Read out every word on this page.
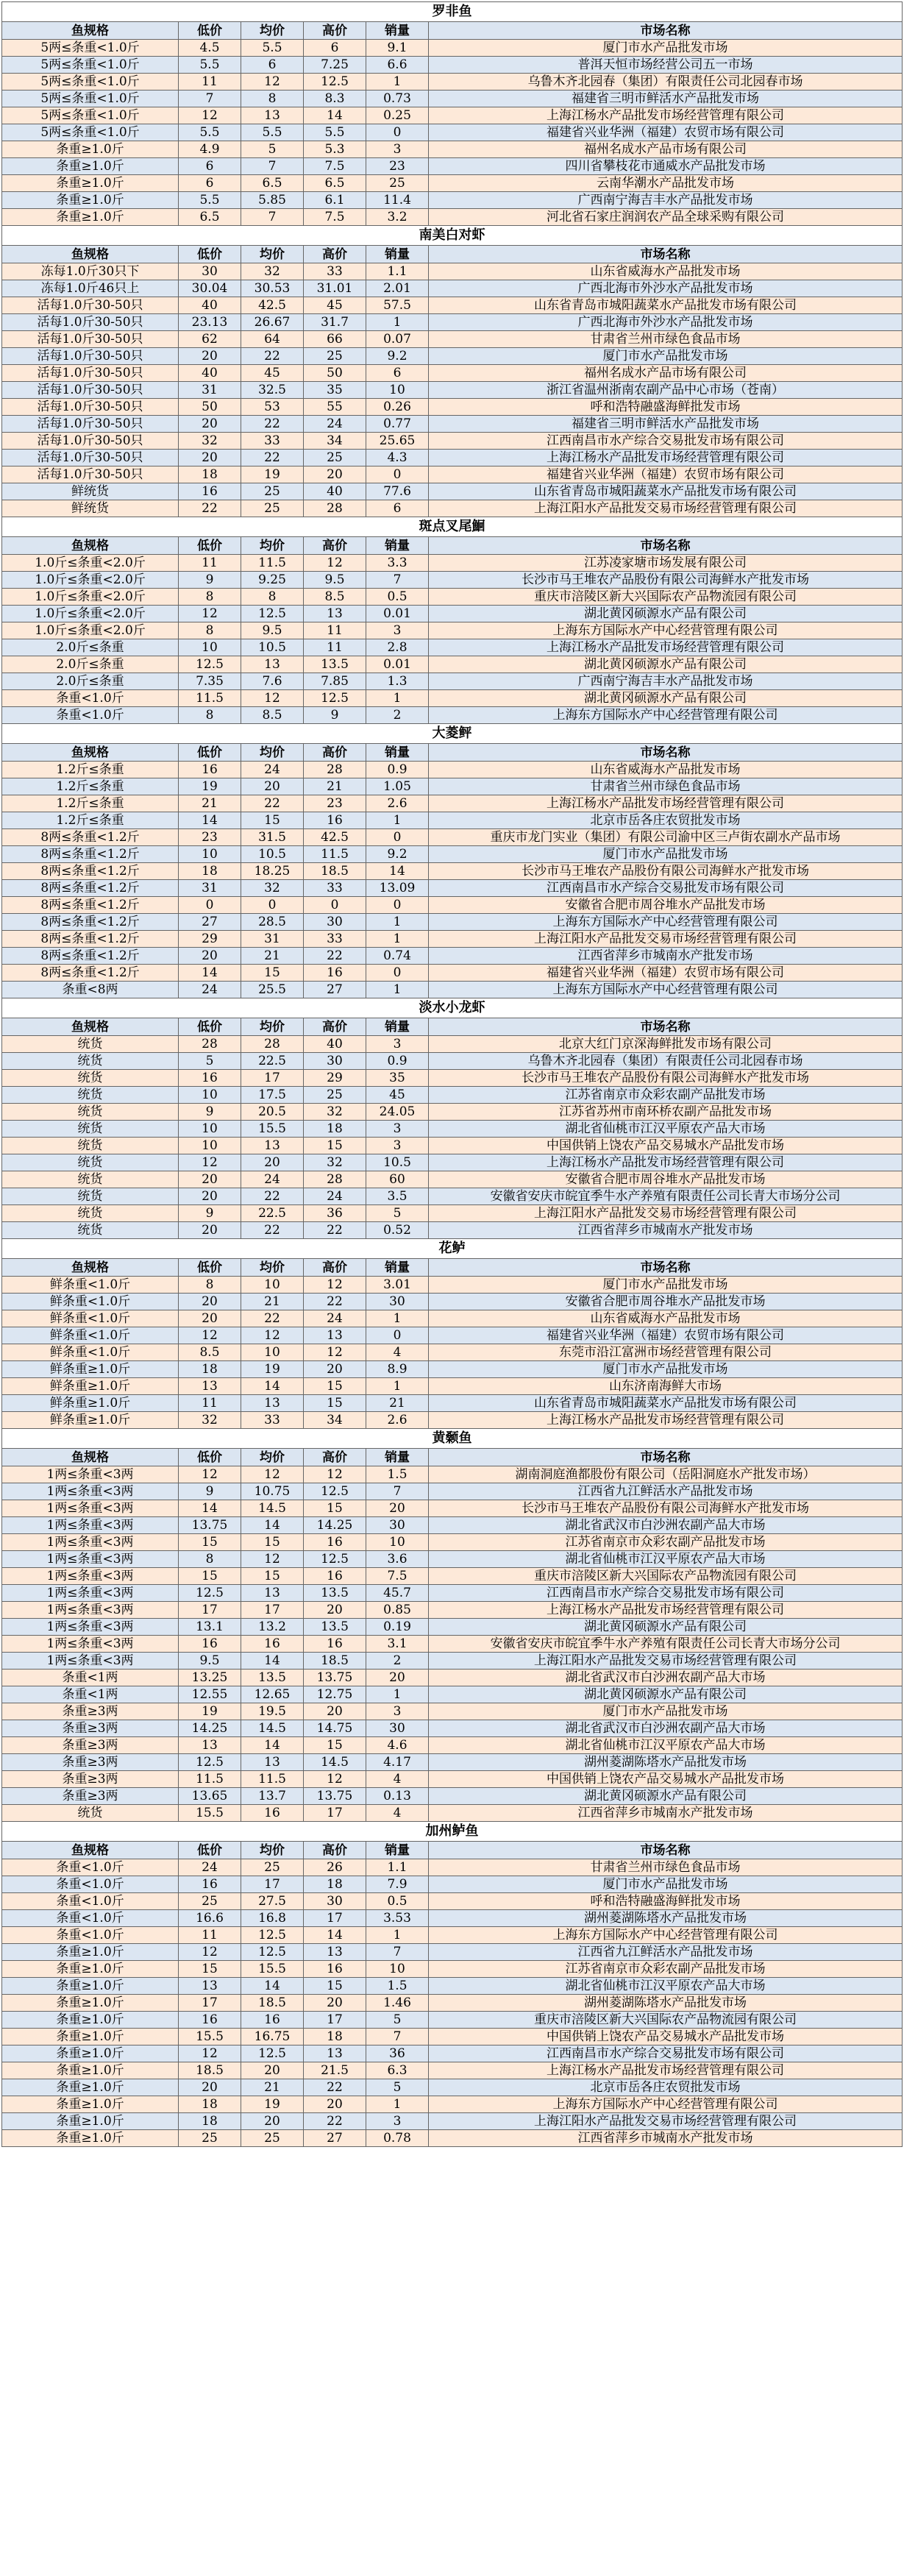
罗非鱼					
鱼规格	低价	均价	高价	销量	市场名称
5两≤条重<1.0斤	4.5	5.5	6	9.1	厦门市水产品批发市场
5两≤条重<1.0斤	5.5	6	7.25	6.6	普洱天恒市场经营公司五一市场
5两≤条重<1.0斤	11	12	12.5	1	乌鲁木齐北园春（集团）有限责任公司北园春市场
5两≤条重<1.0斤	7	8	8.3	0.73	福建省三明市鲜活水产品批发市场
5两≤条重<1.0斤	12	13	14	0.25	上海江杨水产品批发市场经营管理有限公司
5两≤条重<1.0斤	5.5	5.5	5.5	0	福建省兴业华洲（福建）农贸市场有限公司
条重≥1.0斤	4.9	5	5.3	3	福州名成水产品市场有限公司
条重≥1.0斤	6	7	7.5	23	四川省攀枝花市通威水产品批发市场
条重≥1.0斤	6	6.5	6.5	25	云南华潮水产品批发市场
条重≥1.0斤	5.5	5.85	6.1	11.4	广西南宁海吉丰水产品批发市场
条重≥1.0斤	6.5	7	7.5	3.2	河北省石家庄润润农产品全球采购有限公司
南美白对虾					
鱼规格	低价	均价	高价	销量	市场名称
冻每1.0斤30只下	30	32	33	1.1	山东省威海水产品批发市场
冻每1.0斤46只上	30.04	30.53	31.01	2.01	广西北海市外沙水产品批发市场
活每1.0斤30-50只	40	42.5	45	57.5	山东省青岛市城阳蔬菜水产品批发市场有限公司
活每1.0斤30-50只	23.13	26.67	31.7	1	广西北海市外沙水产品批发市场
活每1.0斤30-50只	62	64	66	0.07	甘肃省兰州市绿色食品市场
活每1.0斤30-50只	20	22	25	9.2	厦门市水产品批发市场
活每1.0斤30-50只	40	45	50	6	福州名成水产品市场有限公司
活每1.0斤30-50只	31	32.5	35	10	浙江省温州浙南农副产品中心市场（苍南）
活每1.0斤30-50只	50	53	55	0.26	呼和浩特融盛海鲜批发市场
活每1.0斤30-50只	20	22	24	0.77	福建省三明市鲜活水产品批发市场
活每1.0斤30-50只	32	33	34	25.65	江西南昌市水产综合交易批发市场有限公司
活每1.0斤30-50只	20	22	25	4.3	上海江杨水产品批发市场经营管理有限公司
活每1.0斤30-50只	18	19	20	0	福建省兴业华洲（福建）农贸市场有限公司
鲜统货	16	25	40	77.6	山东省青岛市城阳蔬菜水产品批发市场有限公司
鲜统货	22	25	28	6	上海江阳水产品批发交易市场经营管理有限公司
斑点叉尾鮰					
鱼规格	低价	均价	高价	销量	市场名称
1.0斤≤条重<2.0斤	11	11.5	12	3.3	江苏凌家塘市场发展有限公司
1.0斤≤条重<2.0斤	9	9.25	9.5	7	长沙市马王堆农产品股份有限公司海鲜水产批发市场
1.0斤≤条重<2.0斤	8	8	8.5	0.5	重庆市涪陵区新大兴国际农产品物流园有限公司
1.0斤≤条重<2.0斤	12	12.5	13	0.01	湖北黄冈硕源水产品有限公司
1.0斤≤条重<2.0斤	8	9.5	11	3	上海东方国际水产中心经营管理有限公司
2.0斤≤条重	10	10.5	11	2.8	上海江杨水产品批发市场经营管理有限公司
2.0斤≤条重	12.5	13	13.5	0.01	湖北黄冈硕源水产品有限公司
2.0斤≤条重	7.35	7.6	7.85	1.3	广西南宁海吉丰水产品批发市场
条重<1.0斤	11.5	12	12.5	1	湖北黄冈硕源水产品有限公司
条重<1.0斤	8	8.5	9	2	上海东方国际水产中心经营管理有限公司
大菱鲆					
鱼规格	低价	均价	高价	销量	市场名称
1.2斤≤条重	16	24	28	0.9	山东省威海水产品批发市场
1.2斤≤条重	19	20	21	1.05	甘肃省兰州市绿色食品市场
1.2斤≤条重	21	22	23	2.6	上海江杨水产品批发市场经营管理有限公司
1.2斤≤条重	14	15	16	1	北京市岳各庄农贸批发市场
8两≤条重<1.2斤	23	31.5	42.5	0	重庆市龙门实业（集团）有限公司渝中区三卢街农副水产品市场
8两≤条重<1.2斤	10	10.5	11.5	9.2	厦门市水产品批发市场
8两≤条重<1.2斤	18	18.25	18.5	14	长沙市马王堆农产品股份有限公司海鲜水产批发市场
8两≤条重<1.2斤	31	32	33	13.09	江西南昌市水产综合交易批发市场有限公司
8两≤条重<1.2斤	0	0	0	0	安徽省合肥市周谷堆水产品批发市场
8两≤条重<1.2斤	27	28.5	30	1	上海东方国际水产中心经营管理有限公司
8两≤条重<1.2斤	29	31	33	1	上海江阳水产品批发交易市场经营管理有限公司
8两≤条重<1.2斤	20	21	22	0.74	江西省萍乡市城南水产批发市场
8两≤条重<1.2斤	14	15	16	0	福建省兴业华洲（福建）农贸市场有限公司
条重<8两	24	25.5	27	1	上海东方国际水产中心经营管理有限公司
淡水小龙虾					
鱼规格	低价	均价	高价	销量	市场名称
统货	28	28	40	3	北京大红门京深海鲜批发市场有限公司
统货	5	22.5	30	0.9	乌鲁木齐北园春（集团）有限责任公司北园春市场
统货	16	17	29	35	长沙市马王堆农产品股份有限公司海鲜水产批发市场
统货	10	17.5	25	45	江苏省南京市众彩农副产品批发市场
统货	9	20.5	32	24.05	江苏省苏州市南环桥农副产品批发市场
统货	10	15.5	18	3	湖北省仙桃市江汉平原农产品大市场
统货	10	13	15	3	中国供销上饶农产品交易城水产品批发市场
统货	12	20	32	10.5	上海江杨水产品批发市场经营管理有限公司
统货	20	24	28	60	安徽省合肥市周谷堆水产品批发市场
统货	20	22	24	3.5	安徽省安庆市皖宜季牛水产养殖有限责任公司长青大市场分公司
统货	9	22.5	36	5	上海江阳水产品批发交易市场经营管理有限公司
统货	20	22	22	0.52	江西省萍乡市城南水产批发市场
花鲈					
鱼规格	低价	均价	高价	销量	市场名称
鲜条重<1.0斤	8	10	12	3.01	厦门市水产品批发市场
鲜条重<1.0斤	20	21	22	30	安徽省合肥市周谷堆水产品批发市场
鲜条重<1.0斤	20	22	24	1	山东省威海水产品批发市场
鲜条重<1.0斤	12	12	13	0	福建省兴业华洲（福建）农贸市场有限公司
鲜条重<1.0斤	8.5	10	12	4	东莞市沿江富洲市场经营管理有限公司
鲜条重≥1.0斤	18	19	20	8.9	厦门市水产品批发市场
鲜条重≥1.0斤	13	14	15	1	山东济南海鲜大市场
鲜条重≥1.0斤	11	13	15	21	山东省青岛市城阳蔬菜水产品批发市场有限公司
鲜条重≥1.0斤	32	33	34	2.6	上海江杨水产品批发市场经营管理有限公司
黄颡鱼					
鱼规格	低价	均价	高价	销量	市场名称
1两≤条重<3两	12	12	12	1.5	湖南洞庭渔都股份有限公司（岳阳洞庭水产批发市场）
1两≤条重<3两	9	10.75	12.5	7	江西省九江鲜活水产品批发市场
1两≤条重<3两	14	14.5	15	20	长沙市马王堆农产品股份有限公司海鲜水产批发市场
1两≤条重<3两	13.75	14	14.25	30	湖北省武汉市白沙洲农副产品大市场
1两≤条重<3两	15	15	16	10	江苏省南京市众彩农副产品批发市场
1两≤条重<3两	8	12	12.5	3.6	湖北省仙桃市江汉平原农产品大市场
1两≤条重<3两	15	15	16	7.5	重庆市涪陵区新大兴国际农产品物流园有限公司
1两≤条重<3两	12.5	13	13.5	45.7	江西南昌市水产综合交易批发市场有限公司
1两≤条重<3两	17	17	20	0.85	上海江杨水产品批发市场经营管理有限公司
1两≤条重<3两	13.1	13.2	13.5	0.19	湖北黄冈硕源水产品有限公司
1两≤条重<3两	16	16	16	3.1	安徽省安庆市皖宜季牛水产养殖有限责任公司长青大市场分公司
1两≤条重<3两	9.5	14	18.5	2	上海江阳水产品批发交易市场经营管理有限公司
条重<1两	13.25	13.5	13.75	20	湖北省武汉市白沙洲农副产品大市场
条重<1两	12.55	12.65	12.75	1	湖北黄冈硕源水产品有限公司
条重≥3两	19	19.5	20	3	厦门市水产品批发市场
条重≥3两	14.25	14.5	14.75	30	湖北省武汉市白沙洲农副产品大市场
条重≥3两	13	14	15	4.6	湖北省仙桃市江汉平原农产品大市场
条重≥3两	12.5	13	14.5	4.17	湖州菱湖陈塔水产品批发市场
条重≥3两	11.5	11.5	12	4	中国供销上饶农产品交易城水产品批发市场
条重≥3两	13.65	13.7	13.75	0.13	湖北黄冈硕源水产品有限公司
统货	15.5	16	17	4	江西省萍乡市城南水产批发市场
加州鲈鱼					
鱼规格	低价	均价	高价	销量	市场名称
条重<1.0斤	24	25	26	1.1	甘肃省兰州市绿色食品市场
条重<1.0斤	16	17	18	7.9	厦门市水产品批发市场
条重<1.0斤	25	27.5	30	0.5	呼和浩特融盛海鲜批发市场
条重<1.0斤	16.6	16.8	17	3.53	湖州菱湖陈塔水产品批发市场
条重<1.0斤	11	12.5	14	1	上海东方国际水产中心经营管理有限公司
条重≥1.0斤	12	12.5	13	7	江西省九江鲜活水产品批发市场
条重≥1.0斤	15	15.5	16	10	江苏省南京市众彩农副产品批发市场
条重≥1.0斤	13	14	15	1.5	湖北省仙桃市江汉平原农产品大市场
条重≥1.0斤	17	18.5	20	1.46	湖州菱湖陈塔水产品批发市场
条重≥1.0斤	16	16	17	5	重庆市涪陵区新大兴国际农产品物流园有限公司
条重≥1.0斤	15.5	16.75	18	7	中国供销上饶农产品交易城水产品批发市场
条重≥1.0斤	12	12.5	13	36	江西南昌市水产综合交易批发市场有限公司
条重≥1.0斤	18.5	20	21.5	6.3	上海江杨水产品批发市场经营管理有限公司
条重≥1.0斤	20	21	22	5	北京市岳各庄农贸批发市场
条重≥1.0斤	18	19	20	1	上海东方国际水产中心经营管理有限公司
条重≥1.0斤	18	20	22	3	上海江阳水产品批发交易市场经营管理有限公司
条重≥1.0斤	25	25	27	0.78	江西省萍乡市城南水产批发市场
